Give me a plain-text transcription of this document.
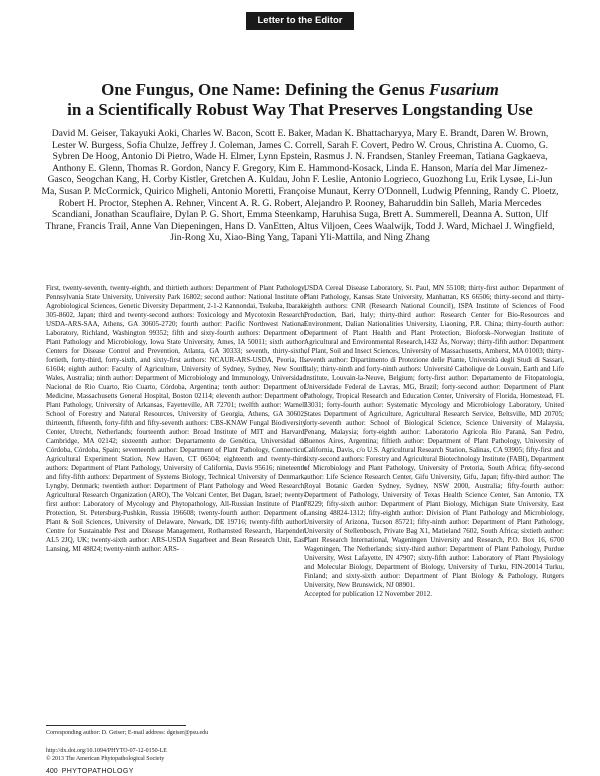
Letter to the Editor
One Fungus, One Name: Defining the Genus Fusarium
in a Scientifically Robust Way That Preserves Longstanding Use
David M. Geiser, Takayuki Aoki, Charles W. Bacon, Scott E. Baker, Madan K. Bhattacharyya, Mary E. Brandt, Daren W. Brown, Lester W. Burgess, Sofia Chulze, Jeffrey J. Coleman, James C. Correll, Sarah F. Covert, Pedro W. Crous, Christina A. Cuomo, G. Sybren De Hoog, Antonio Di Pietro, Wade H. Elmer, Lynn Epstein, Rasmus J. N. Frandsen, Stanley Freeman, Tatiana Gagkaeva, Anthony E. Glenn, Thomas R. Gordon, Nancy F. Gregory, Kim E. Hammond-Kosack, Linda E. Hanson, María del Mar Jímenez-Gasco, Seogchan Kang, H. Corby Kistler, Gretchen A. Kuldau, John F. Leslie, Antonio Logrieco, Guozhong Lu, Erik Lysøe, Li-Jun Ma, Susan P. McCormick, Quirico Migheli, Antonio Moretti, Françoise Munaut, Kerry O'Donnell, Ludwig Pfenning, Randy C. Ploetz, Robert H. Proctor, Stephen A. Rehner, Vincent A. R. G. Robert, Alejandro P. Rooney, Baharuddin bin Salleh, Maria Mercedes Scandiani, Jonathan Scauflaire, Dylan P. G. Short, Emma Steenkamp, Haruhisa Suga, Brett A. Summerell, Deanna A. Sutton, Ulf Thrane, Francis Trail, Anne Van Diepeningen, Hans D. VanEtten, Altus Viljoen, Cees Waalwijk, Todd J. Ward, Michael J. Wingfield, Jin-Rong Xu, Xiao-Bing Yang, Tapani Yli-Mattila, and Ning Zhang
First, twenty-seventh, twenty-eighth, and thirtieth authors: Department of Plant Pathology, Pennsylvania State University, University Park 16802; second author: National Institute of Agrobiological Sciences, Genetic Diversity Department, 2-1-2 Kannondai, Tsukuba, Ibaraki 305-8602, Japan; third and twenty-second authors: Toxicology and Mycotoxin Research, USDA-ARS-SAA, Athens, GA 30605-2720; fourth author: Pacific Northwest National Laboratory, Richland, Washington 99352; fifth and sixty-fourth authors: Department of Plant Pathology and Microbiology, Iowa State University, Ames, IA 50011; sixth author: Centers for Disease Control and Prevention, Atlanta, GA 30333; seventh, thirty-sixth, fortieth, forty-third, forty-sixth, and sixty-first authors: NCAUR-ARS-USDA, Peoria, IL 61604; eighth author: Faculty of Agriculture, University of Sydney, Sydney, New South Wales, Australia; ninth author: Department of Microbiology and Immunology, Universidad Nacional de Rio Cuarto, Rio Cuarto, Córdoba, Argentina; tenth author: Department of Medicine, Massachusetts General Hospital, Boston 02114; eleventh author: Department of Plant Pathology, University of Arkansas, Fayetteville, AR 72701; twelfth author: Warnell School of Forestry and Natural Resources, University of Georgia, Athens, GA 30602; thirteenth, fifteenth, forty-fifth and fifty-seventh authors: CBS-KNAW Fungal Biodiversity Center, Utrecht, Netherlands; fourteenth author: Broad Institute of MIT and Harvard, Cambridge, MA 02142; sixteenth author: Departamento de Genética, Universidad de Córdoba, Córdoba, Spain; seventeenth author: Department of Plant Pathology, Connecticut Agricultural Experiment Station, New Haven, CT 06504; eighteenth and twenty-third authors: Department of Plant Pathology, University of California, Davis 95616; nineteenth and fifty-fifth authors: Department of Systems Biology, Technical University of Denmark, Lyngby, Denmark; twentieth author: Department of Plant Pathology and Weed Research, Agricultural Research Organization (ARO), The Volcani Center, Bet Dagan, Israel; twenty-first author: Laboratory of Mycology and Phytopathology, All-Russian Institute of Plant Protection, St. Petersburg-Pushkin, Russia 196608; twenty-fourth author: Department of Plant & Soil Sciences, University of Delaware, Newark, DE 19716; twenty-fifth author: Centre for Sustainable Pest and Disease Management, Rothamsted Research, Harpenden AL5 2JQ, UK; twenty-sixth author: ARS-USDA Sugarbeet and Bean Research Unit, East Lansing, MI 48824; twenty-ninth author: ARS-
USDA Cereal Disease Laboratory, St. Paul, MN 55108; thirty-first author: Department of Plant Pathology, Kansas State University, Manhattan, KS 66506; thirty-second and thirty-eighth authors: CNR (Research National Council), ISPA Institute of Sciences of Food Production, Bari, Italy; thirty-third author: Research Center for Bio-Resources and Environment, Dalian Nationalities University, Liaoning, P.R. China; thirty-fourth author: Department of Plant Health and Plant Protection, Bioforsk–Norwegian Institute of Agricultural and Environmental Research,1432 Ås, Norway; thirty-fifth author: Department of Plant, Soil and Insect Sciences, University of Massachusetts, Amherst, MA 01003; thirty-seventh author: Dipartimento di Protezione delle Piante, Università degli Studi di Sassari, Italy; thirty-ninth and forty-ninth authors: Université Catholique de Louvain, Earth and Life Institute, Louvain-la-Neuve, Belgium; forty-first author: Departamento de Fitopatologia, Universidade Federal de Lavras, MG, Brazil; forty-second author: Department of Plant Pathology, Tropical Research and Education Center, University of Florida, Homestead, FL 33031; forty-fourth author: Systematic Mycology and Microbiology Laboratory, United States Department of Agriculture, Agricultural Research Service, Beltsville, MD 20705; forty-seventh author: School of Biological Science, Science University of Malaysia, Penang, Malaysia; forty-eighth author: Laboratorio Agrícola Río Paraná, San Pedro, Buenos Aires, Argentina; fiftieth author: Department of Plant Pathology, University of California, Davis, c/o U.S. Agricultural Research Station, Salinas, CA 93905; fifty-first and sixty-second authors: Forestry and Agricultural Biotechnology Institute (FABI), Department of Microbiology and Plant Pathology, University of Pretoria, South Africa; fifty-second author: Life Science Research Center, Gifu University, Gifu, Japan; fifty-third author: The Royal Botanic Garden Sydney, Sydney, NSW 2000, Australia; fifty-fourth author: Department of Pathology, University of Texas Health Science Center, San Antonio, TX 78229; fifty-sixth author: Department of Plant Biology, Michigan State University, East Lansing 48824-1312; fifty-eighth author: Division of Plant Pathology and Microbiology, University of Arizona, Tucson 85721; fifty-ninth author: Department of Plant Pathology, University of Stellenbosch, Private Bag X1, Matieland 7602, South Africa; sixtieth author: Plant Research International, Wageningen University and Research, P.O. Box 16, 6700 Wageningen, The Netherlands; sixty-third author: Department of Plant Pathology, Purdue University, West Lafayette, IN 47907; sixty-fifth author: Laboratory of Plant Physiology and Molecular Biology, Department of Biology, University of Turku, FIN-20014 Turku, Finland; and sixty-sixth author: Department of Plant Biology & Pathology, Rutgers University, New Brunswick, NJ 08901.
Accepted for publication 12 November 2012.
Corresponding author: D. Geiser; E-mail address: dgeiser@psu.edu
http://dx.doi.org/10.1094/PHYTO-07-12-0150-LE
© 2013 The American Phytopathological Society
400 PHYTOPATHOLOGY
